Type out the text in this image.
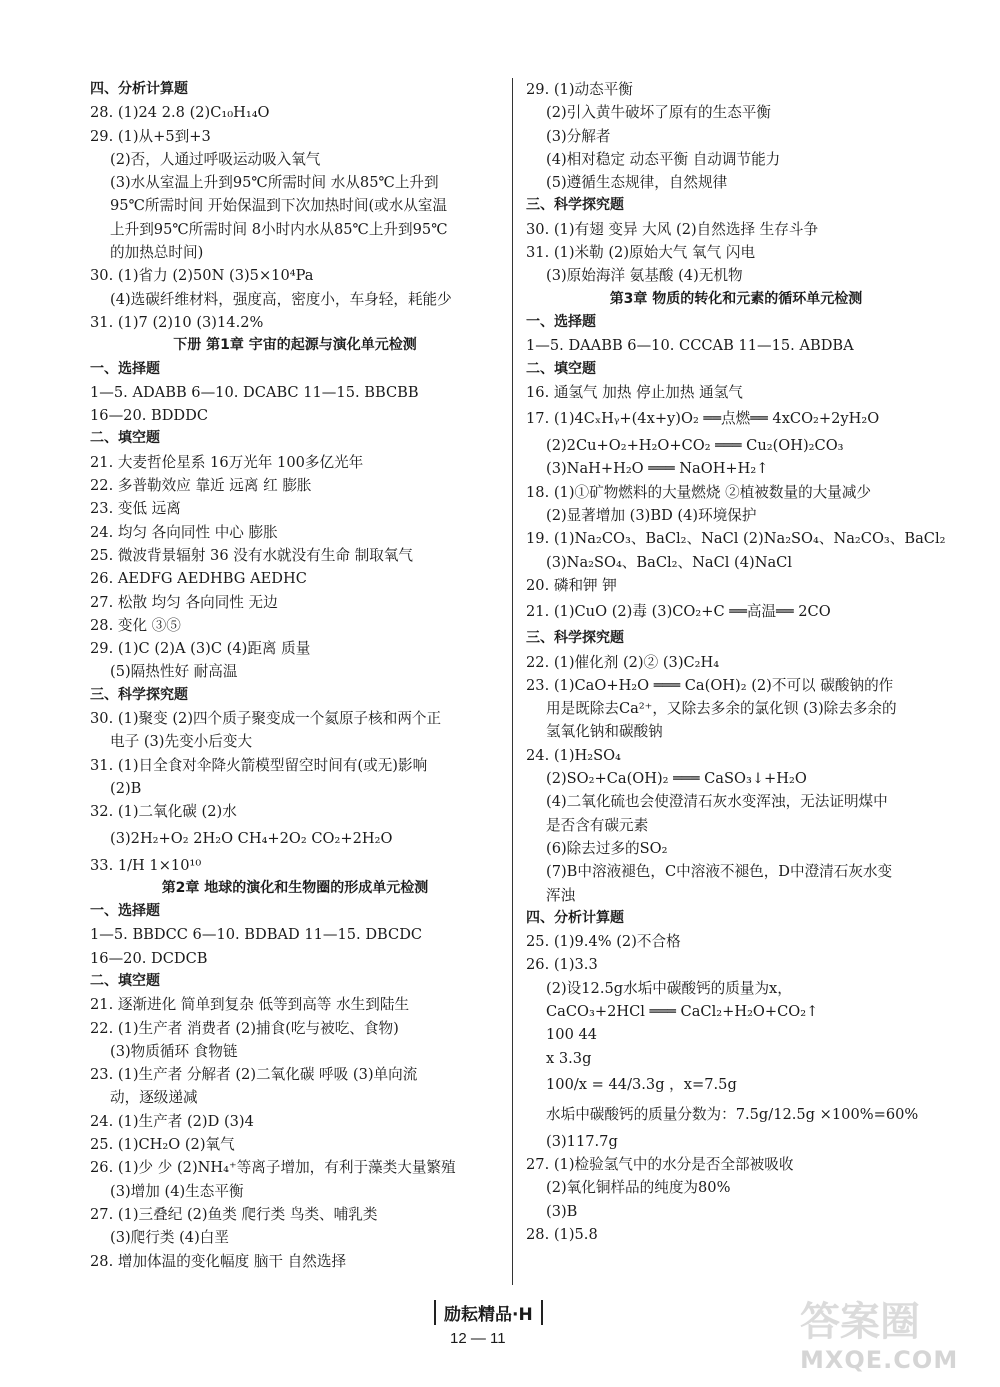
四、分析计算题
28. (1)24 2.8 (2)C₁₀H₁₄O
29. (1)从+5到+3
(2)否，人通过呼吸运动吸入氧气
(3)水从室温上升到95℃所需时间 水从85℃上升到
95℃所需时间 开始保温到下次加热时间(或水从室温
上升到95℃所需时间 8小时内水从85℃上升到95℃
的加热总时间)
30. (1)省力 (2)50N (3)5×10⁴Pa
(4)选碳纤维材料，强度高，密度小，车身轻，耗能少
31. (1)7 (2)10 (3)14.2%
下册 第1章 宇宙的起源与演化单元检测
一、选择题
1—5. ADABB 6—10. DCABC 11—15. BBCBB
16—20. BDDDC
二、填空题
21. 大麦哲伦星系 16万光年 100多亿光年
22. 多普勒效应 靠近 远离 红 膨胀
23. 变低 远离
24. 均匀 各向同性 中心 膨胀
25. 微波背景辐射 36 没有水就没有生命 制取氧气
26. AEDFG AEDHBG AEDHC
27. 松散 均匀 各向同性 无边
28. 变化 ③⑤
29. (1)C (2)A (3)C (4)距离 质量
(5)隔热性好 耐高温
三、科学探究题
30. (1)聚变 (2)四个质子聚变成一个氦原子核和两个正
电子 (3)先变小后变大
31. (1)日全食对伞降火箭模型留空时间有(或无)影响
(2)B
32. (1)二氧化碳 (2)水
(3)2H₂+O₂ 2H₂O CH₄+2O₂ CO₂+2H₂O
33. 1/H 1×10¹⁰
第2章 地球的演化和生物圈的形成单元检测
一、选择题
1—5. BBDCC 6—10. BDBAD 11—15. DBCDC
16—20. DCDCB
二、填空题
21. 逐渐进化 简单到复杂 低等到高等 水生到陆生
22. (1)生产者 消费者 (2)捕食(吃与被吃、食物)
(3)物质循环 食物链
23. (1)生产者 分解者 (2)二氧化碳 呼吸 (3)单向流
动，逐级递减
24. (1)生产者 (2)D (3)4
25. (1)CH₂O (2)氧气
26. (1)少 少 (2)NH₄⁺等离子增加，有利于藻类大量繁殖
(3)增加 (4)生态平衡
27. (1)三叠纪 (2)鱼类 爬行类 鸟类、哺乳类
(3)爬行类 (4)白垩
28. 增加体温的变化幅度 脑干 自然选择
29. (1)动态平衡
(2)引入黄牛破坏了原有的生态平衡
(3)分解者
(4)相对稳定 动态平衡 自动调节能力
(5)遵循生态规律，自然规律
三、科学探究题
30. (1)有翅 变异 大风 (2)自然选择 生存斗争
31. (1)米勒 (2)原始大气 氧气 闪电
(3)原始海洋 氨基酸 (4)无机物
第3章 物质的转化和元素的循环单元检测
一、选择题
1—5. DAABB 6—10. CCCAB 11—15. ABDBA
二、填空题
16. 通氢气 加热 停止加热 通氢气
17. (1)4CₓHᵧ+(4x+y)O₂ ══点燃══ 4xCO₂+2yH₂O
(2)2Cu+O₂+H₂O+CO₂ ═══ Cu₂(OH)₂CO₃
(3)NaH+H₂O ═══ NaOH+H₂↑
18. (1)①矿物燃料的大量燃烧 ②植被数量的大量减少
(2)显著增加 (3)BD (4)环境保护
19. (1)Na₂CO₃、BaCl₂、NaCl (2)Na₂SO₄、Na₂CO₃、BaCl₂
(3)Na₂SO₄、BaCl₂、NaCl (4)NaCl
20. 磷和钾 钾
21. (1)CuO (2)毒 (3)CO₂+C ══高温══ 2CO
三、科学探究题
22. (1)催化剂 (2)② (3)C₂H₄
23. (1)CaO+H₂O ═══ Ca(OH)₂ (2)不可以 碳酸钠的作
用是既除去Ca²⁺，又除去多余的氯化钡 (3)除去多余的
氢氧化钠和碳酸钠
24. (1)H₂SO₄
(2)SO₂+Ca(OH)₂ ═══ CaSO₃↓+H₂O
(4)二氧化硫也会使澄清石灰水变浑浊，无法证明煤中
是否含有碳元素
(6)除去过多的SO₂
(7)B中溶液褪色，C中溶液不褪色，D中澄清石灰水变
浑浊
四、分析计算题
25. (1)9.4% (2)不合格
26. (1)3.3
(2)设12.5g水垢中碳酸钙的质量为x，
CaCO₃+2HCl ═══ CaCl₂+H₂O+CO₂↑
100 44
x 3.3g
100/x = 44/3.3g ，x=7.5g
水垢中碳酸钙的质量分数为：7.5g/12.5g ×100%=60%
(3)117.7g
27. (1)检验氢气中的水分是否全部被吸收
(2)氧化铜样品的纯度为80%
(3)B
28. (1)5.8
励耘精品·H
12 — 11	答案圈
MXQE.COM
